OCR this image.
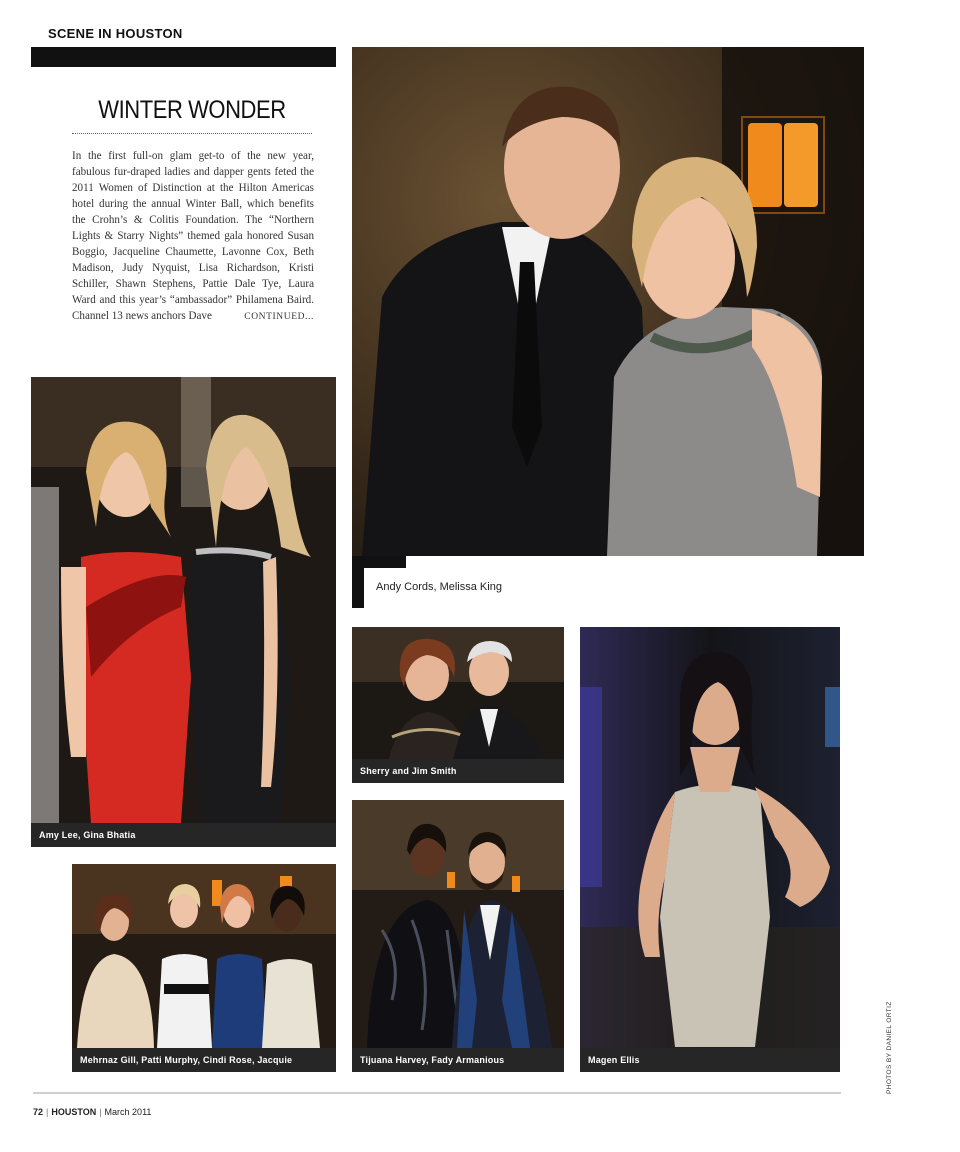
SCENE IN HOUSTON
WINTER WONDER
In the first full-on glam get-to of the new year, fabulous fur-draped ladies and dapper gents feted the 2011 Women of Distinction at the Hilton Americas hotel during the annual Winter Ball, which benefits the Crohn’s & Colitis Foundation. The “Northern Lights & Starry Nights” themed gala honored Susan Boggio, Jacqueline Chaumette, Lavonne Cox, Beth Madison, Judy Nyquist, Lisa Richardson, Kristi Schiller, Shawn Stephens, Pattie Dale Tye, Laura Ward and this year’s “ambassador” Philamena Baird. Channel 13 news anchors Dave	CONTINUED...
Andy Cords, Melissa King
Amy Lee, Gina Bhatia
Sherry and Jim Smith
Magen Ellis
Mehrnaz Gill, Patti Murphy, Cindi Rose, Jacquie Chaumette
Tijuana Harvey, Fady Armanious	PHOTOS BY DANIEL ORTIZ
72 | HOUSTON | March 2011
